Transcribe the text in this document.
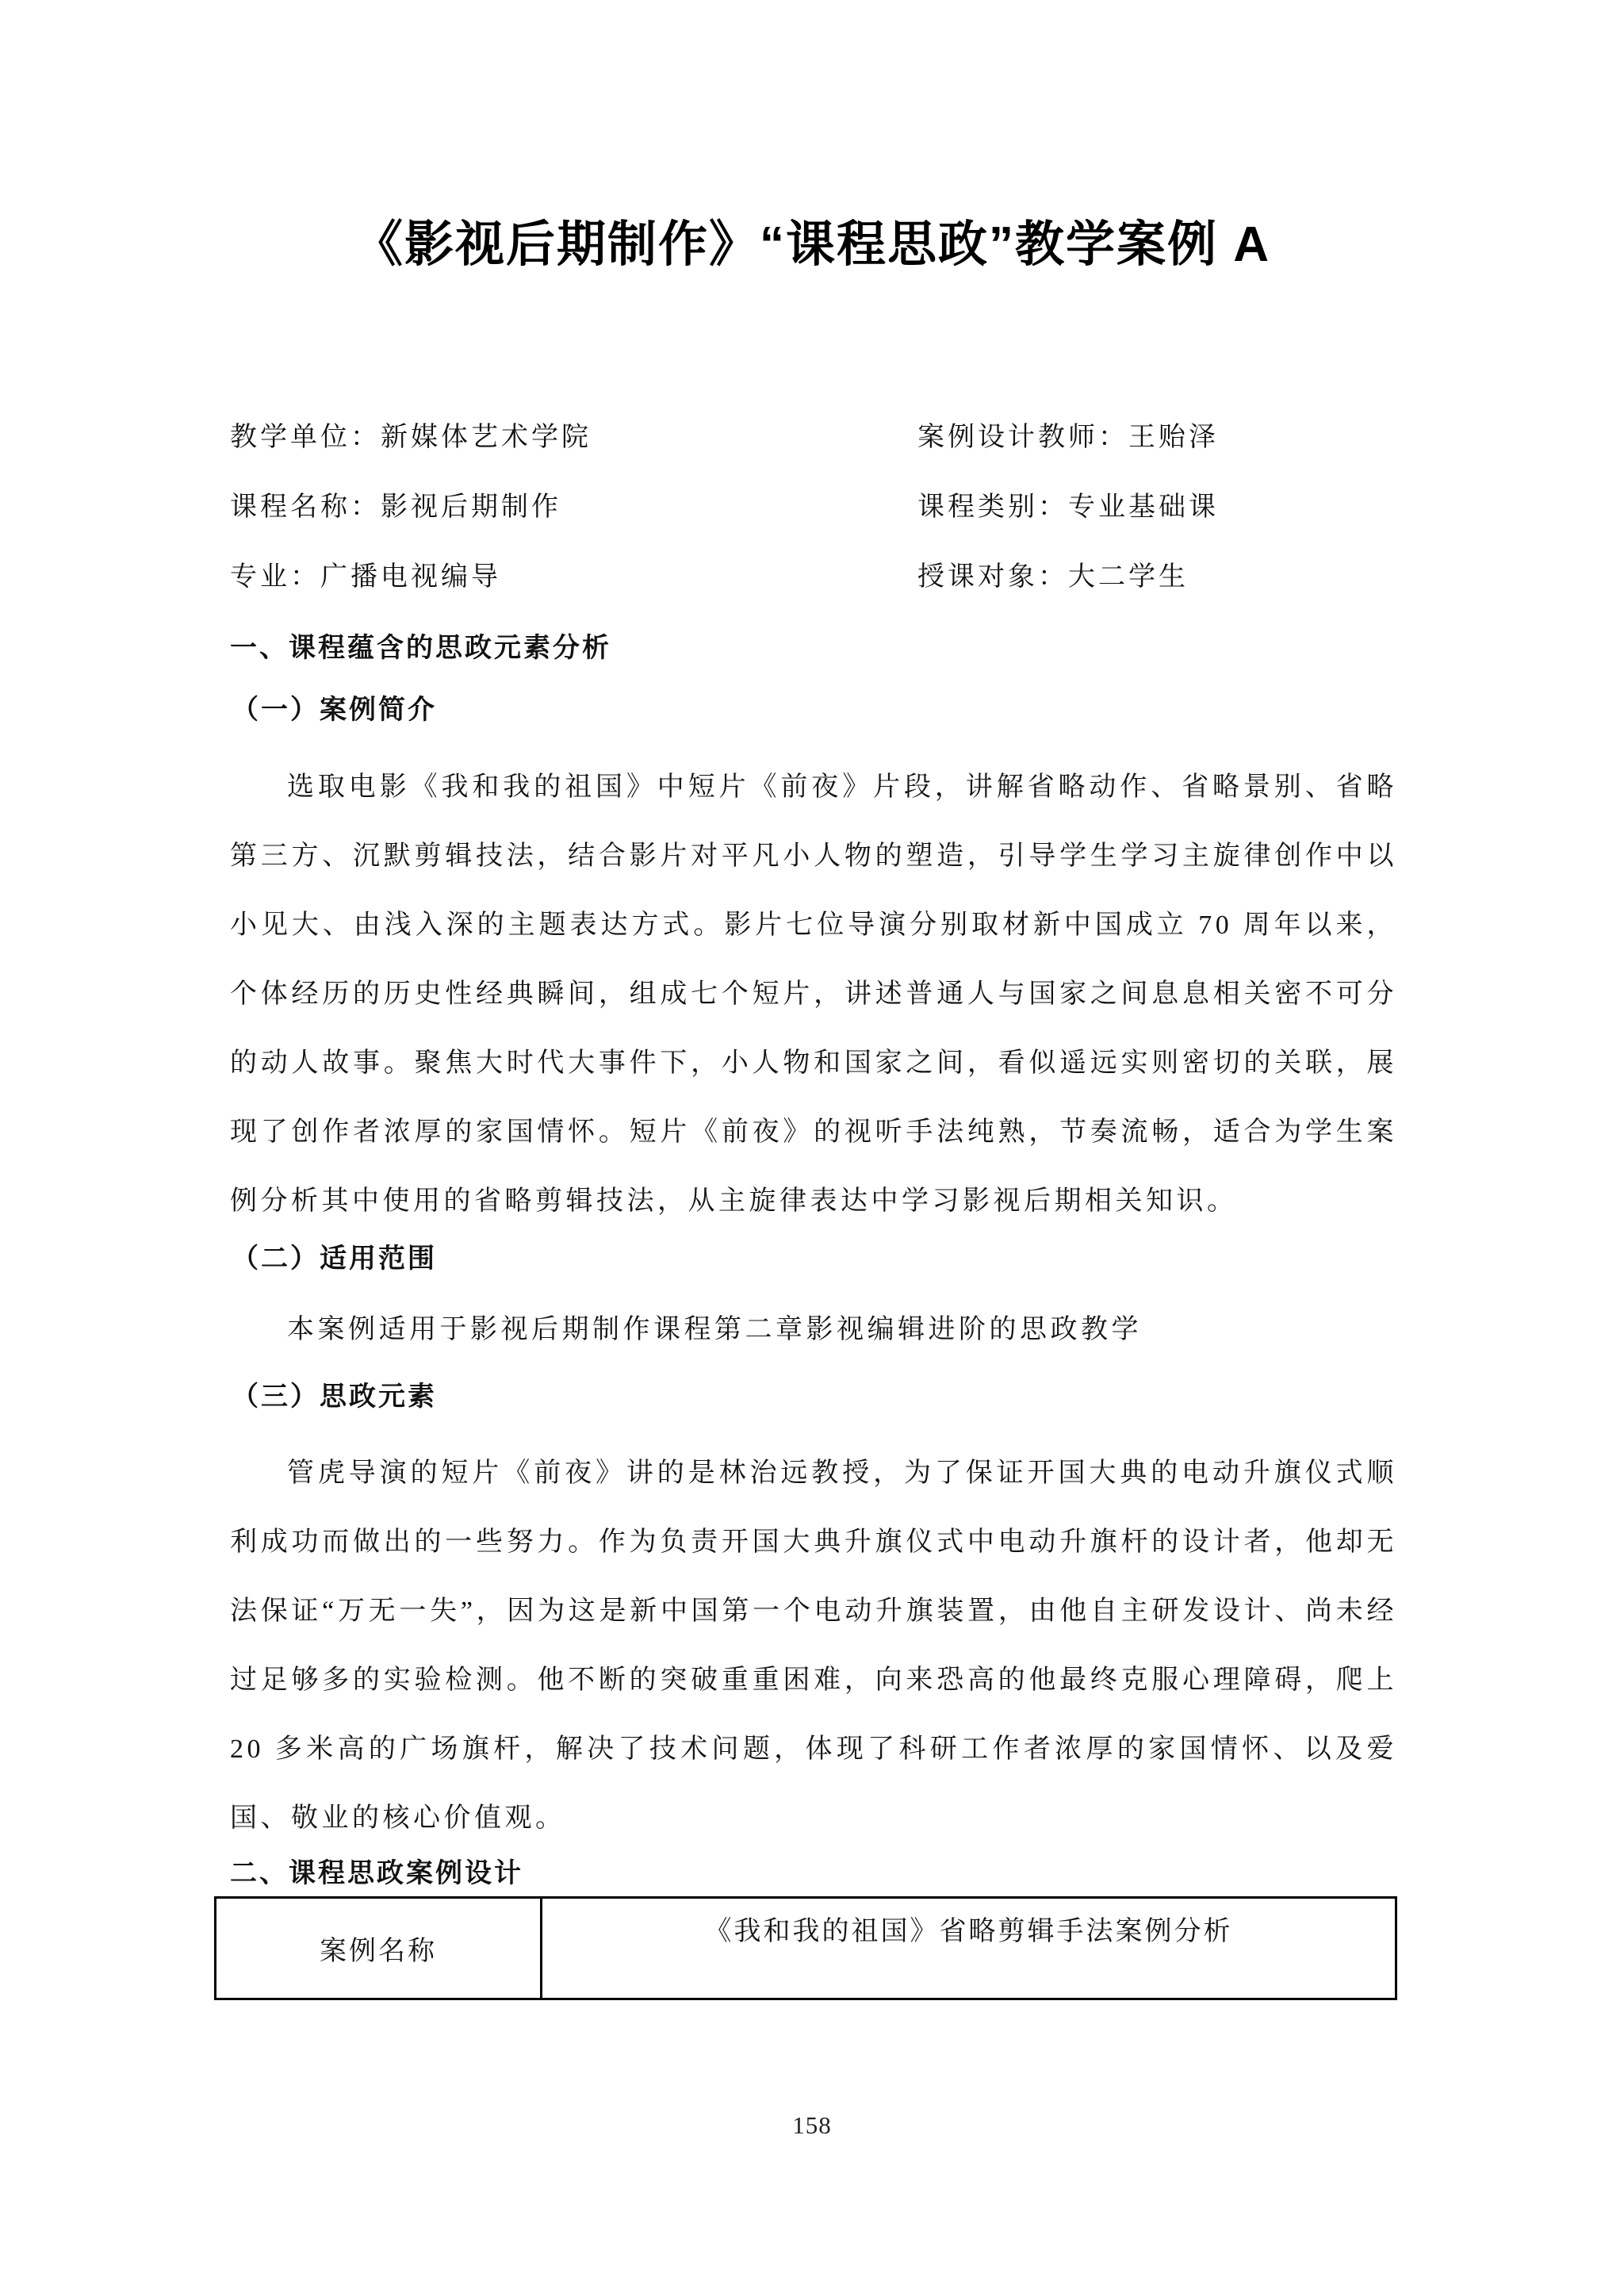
《影视后期制作》“课程思政”教学案例 A
教学单位：新媒体艺术学院	案例设计教师：王贻泽
课程名称：影视后期制作	课程类别：专业基础课
专业：广播电视编导	授课对象：大二学生
一、课程蕴含的思政元素分析
（一）案例简介

选取电影《我和我的祖国》中短片《前夜》片段，讲解省略动作、省略景别、省略第三方、沉默剪辑技法，结合影片对平凡小人物的塑造，引导学生学习主旋律创作中以小见大、由浅入深的主题表达方式。影片七位导演分别取材新中国成立 70 周年以来，个体经历的历史性经典瞬间，组成七个短片，讲述普通人与国家之间息息相关密不可分的动人故事。聚焦大时代大事件下，小人物和国家之间，看似遥远实则密切的关联，展现了创作者浓厚的家国情怀。短片《前夜》的视听手法纯熟，节奏流畅，适合为学生案例分析其中使用的省略剪辑技法，从主旋律表达中学习影视后期相关知识。

（二）适用范围

本案例适用于影视后期制作课程第二章影视编辑进阶的思政教学

（三）思政元素

管虎导演的短片《前夜》讲的是林治远教授，为了保证开国大典的电动升旗仪式顺利成功而做出的一些努力。作为负责开国大典升旗仪式中电动升旗杆的设计者，他却无法保证“万无一失”，因为这是新中国第一个电动升旗装置，由他自主研发设计、尚未经过足够多的实验检测。他不断的突破重重困难，向来恐高的他最终克服心理障碍，爬上 20 多米高的广场旗杆，解决了技术问题，体现了科研工作者浓厚的家国情怀、以及爱国、敬业的核心价值观。

二、课程思政案例设计
案例名称	《我和我的祖国》省略剪辑手法案例分析
158
